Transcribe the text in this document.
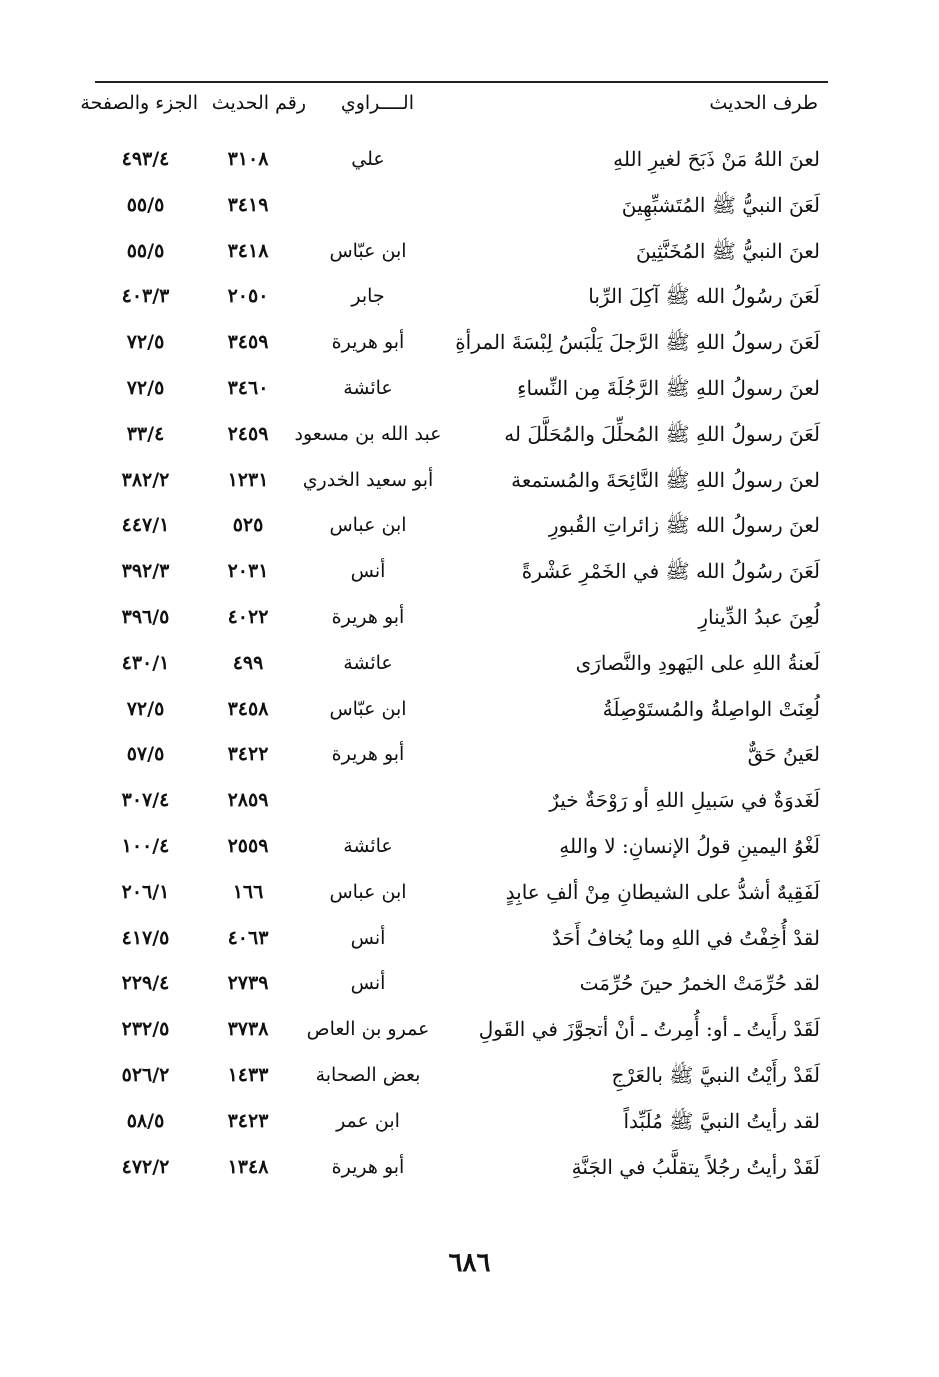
طرف الحديث
الــــراوي
رقم الحديث
الجزء والصفحة
لعنَ اللهُ مَنْ ذَبَحَ لغيرِ اللهِ
علي
٣١٠٨
٤٩٣/٤
لَعَنَ النبيُّ ﷺ المُتَشبِّهِينَ
٣٤١٩
٥٥/٥
لعنَ النبيُّ ﷺ المُخَنَّثِينَ
ابن عبّاس
٣٤١٨
٥٥/٥
لَعَنَ رسُولُ الله ﷺ آكِلَ الرِّبا
جابر
٢٠٥٠
٤٠٣/٣
لَعَنَ رسولُ اللهِ ﷺ الرَّجلَ يَلْبَسُ لِبْسَةَ المرأةِ
أبو هريرة
٣٤٥٩
٧٢/٥
لعنَ رسولُ اللهِ ﷺ الرَّجُلَةَ مِن النِّساءِ
عائشة
٣٤٦٠
٧٢/٥
لَعَنَ رسولُ اللهِ ﷺ المُحلِّلَ والمُحَلَّلَ له
عبد الله بن مسعود
٢٤٥٩
٣٣/٤
لعنَ رسولُ اللهِ ﷺ النَّائِحَةَ والمُستمعة
أبو سعيد الخدري
١٢٣١
٣٨٢/٢
لعنَ رسولُ الله ﷺ زائراتِ القُبورِ
ابن عباس
٥٢٥
٤٤٧/١
لَعَنَ رسُولُ الله ﷺ في الخَمْرِ عَشْرةً
أنس
٢٠٣١
٣٩٢/٣
لُعِنَ عبدُ الدِّينارِ
أبو هريرة
٤٠٢٢
٣٩٦/٥
لَعنةُ اللهِ على اليَهودِ والنَّصارَى
عائشة
٤٩٩
٤٣٠/١
لُعِنَتْ الواصِلةُ والمُستَوْصِلَةُ
ابن عبّاس
٣٤٥٨
٧٢/٥
لعَينُ حَقٌّ
أبو هريرة
٣٤٢٢
٥٧/٥
لَغَدوَةٌ في سَبيلِ اللهِ أو رَوْحَةٌ خيرٌ
٢٨٥٩
٣٠٧/٤
لَغْوُ اليمينِ قولُ الإنسانِ: لا واللهِ
عائشة
٢٥٥٩
١٠٠/٤
لَفَقِيهٌ أشدُّ على الشيطانِ مِنْ ألفِ عابِدٍ
ابن عباس
١٦٦
٢٠٦/١
لقدْ أُخِفْتُ في اللهِ وما يُخافُ أَحَدٌ
أنس
٤٠٦٣
٤١٧/٥
لقد حُرِّمَتْ الخمرُ حينَ حُرِّمَت
أنس
٢٧٣٩
٢٢٩/٤
لَقَدْ رأَيتُ ـ أو: أُمِرتُ ـ أنْ أتجوَّزَ في القَولِ
عمرو بن العاص
٣٧٣٨
٢٣٢/٥
لَقَدْ رأَيْتُ النبيَّ ﷺ بالعَرْجِ
بعض الصحابة
١٤٣٣
٥٢٦/٢
لقد رأيتُ النبيَّ ﷺ مُلَبِّداً
ابن عمر
٣٤٢٣
٥٨/٥
لَقَدْ رأيتُ رجُلاً يتقلَّبُ في الجَنَّةِ
أبو هريرة
١٣٤٨
٤٧٢/٢
٦٨٦
